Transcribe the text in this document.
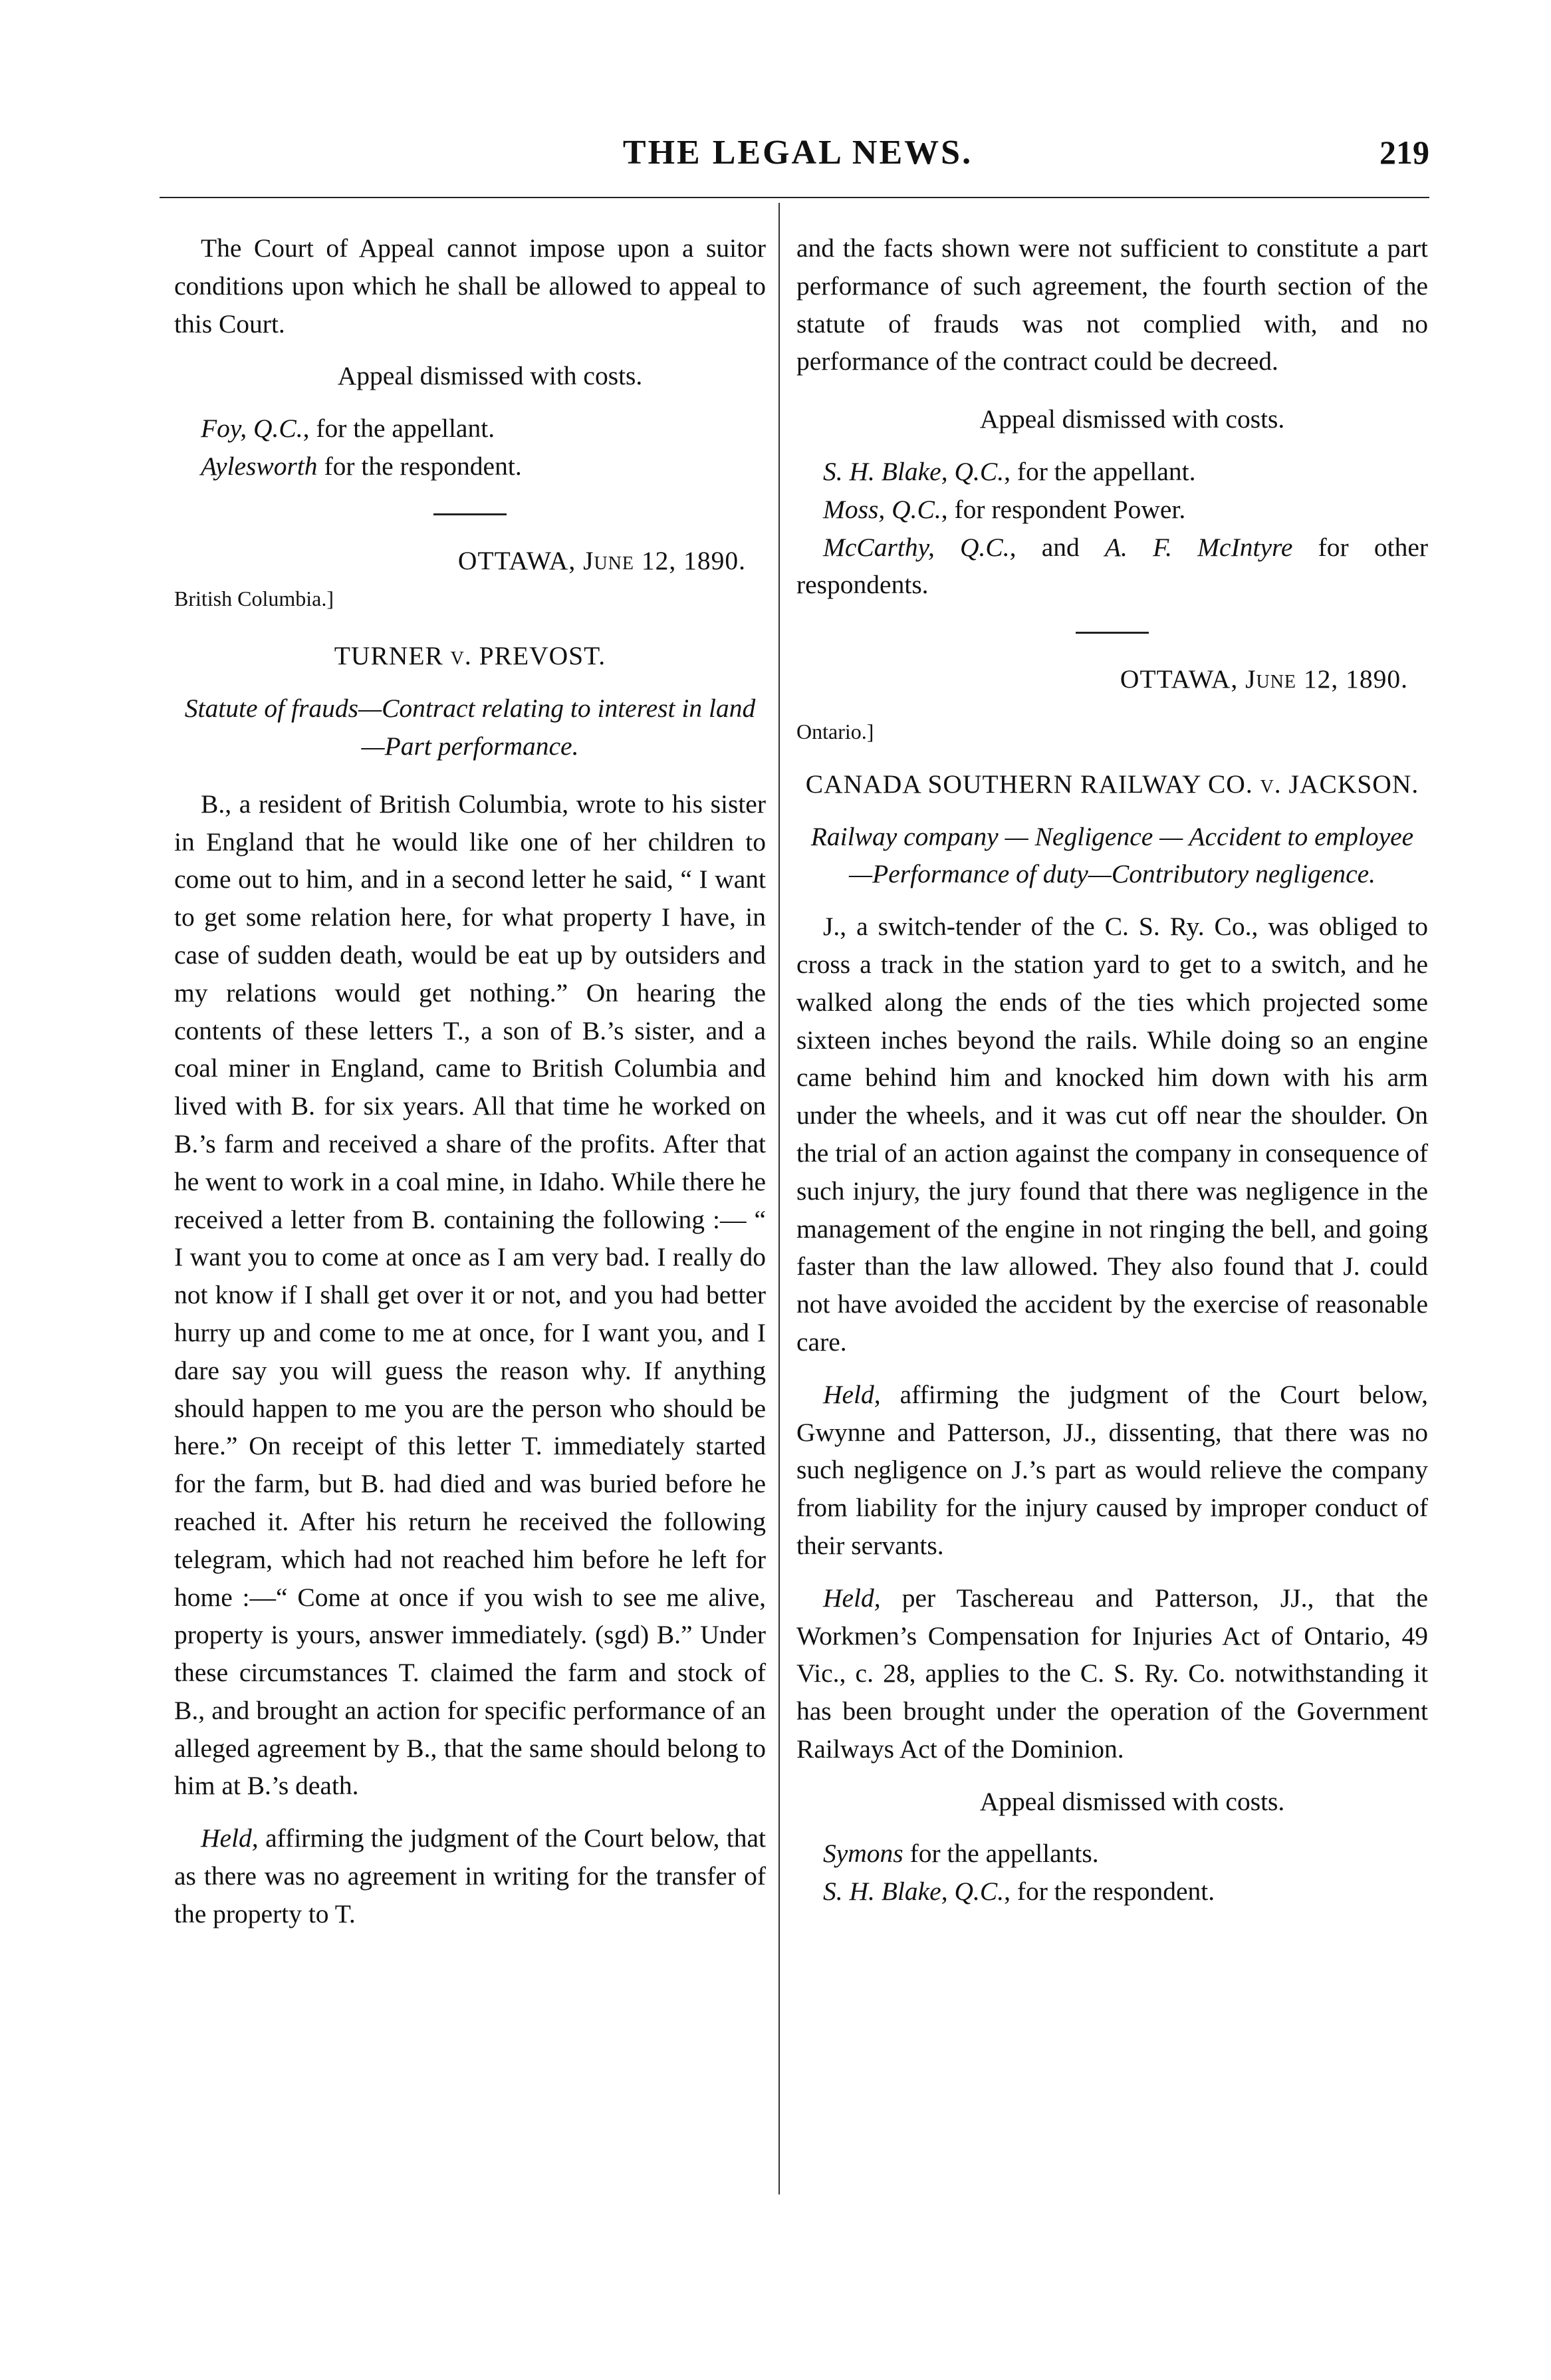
THE LEGAL NEWS.	219

The Court of Appeal cannot impose upon a suitor conditions upon which he shall be allowed to appeal to this Court.

Appeal dismissed with costs.

Foy, Q.C., for the appellant.

Aylesworth for the respondent.

OTTAWA, June 12, 1890.

British Columbia.]

TURNER v. PREVOST.

Statute of frauds—Contract relating to interest in land—Part performance.

B., a resident of British Columbia, wrote to his sister in England that he would like one of her children to come out to him, and in a second letter he said, “ I want to get some relation here, for what property I have, in case of sudden death, would be eat up by outsiders and my relations would get nothing.” On hearing the contents of these letters T., a son of B.’s sister, and a coal miner in England, came to British Columbia and lived with B. for six years. All that time he worked on B.’s farm and received a share of the profits. After that he went to work in a coal mine, in Idaho. While there he received a letter from B. containing the following :— “ I want you to come at once as I am very bad. I really do not know if I shall get over it or not, and you had better hurry up and come to me at once, for I want you, and I dare say you will guess the reason why. If anything should happen to me you are the person who should be here.” On receipt of this letter T. immediately started for the farm, but B. had died and was buried before he reached it. After his return he received the following telegram, which had not reached him before he left for home :—“ Come at once if you wish to see me alive, property is yours, answer immediately. (sgd) B.” Under these circumstances T. claimed the farm and stock of B., and brought an action for specific performance of an alleged agreement by B., that the same should belong to him at B.’s death.

Held, affirming the judgment of the Court below, that as there was no agreement in writing for the transfer of the property to T.

and the facts shown were not sufficient to constitute a part performance of such agreement, the fourth section of the statute of frauds was not complied with, and no performance of the contract could be decreed.

Appeal dismissed with costs.

S. H. Blake, Q.C., for the appellant.

Moss, Q.C., for respondent Power.

McCarthy, Q.C., and A. F. McIntyre for other respondents.

OTTAWA, June 12, 1890.

Ontario.]

CANADA SOUTHERN RAILWAY CO. v. JACKSON.

Railway company — Negligence — Accident to employee—Performance of duty—Contributory negligence.

J., a switch-tender of the C. S. Ry. Co., was obliged to cross a track in the station yard to get to a switch, and he walked along the ends of the ties which projected some sixteen inches beyond the rails. While doing so an engine came behind him and knocked him down with his arm under the wheels, and it was cut off near the shoulder. On the trial of an action against the company in consequence of such injury, the jury found that there was negligence in the management of the engine in not ringing the bell, and going faster than the law allowed. They also found that J. could not have avoided the accident by the exercise of reasonable care.

Held, affirming the judgment of the Court below, Gwynne and Patterson, JJ., dissenting, that there was no such negligence on J.’s part as would relieve the company from liability for the injury caused by improper conduct of their servants.

Held, per Taschereau and Patterson, JJ., that the Workmen’s Compensation for Injuries Act of Ontario, 49 Vic., c. 28, applies to the C. S. Ry. Co. notwithstanding it has been brought under the operation of the Government Railways Act of the Dominion.

Appeal dismissed with costs.

Symons for the appellants.

S. H. Blake, Q.C., for the respondent.
